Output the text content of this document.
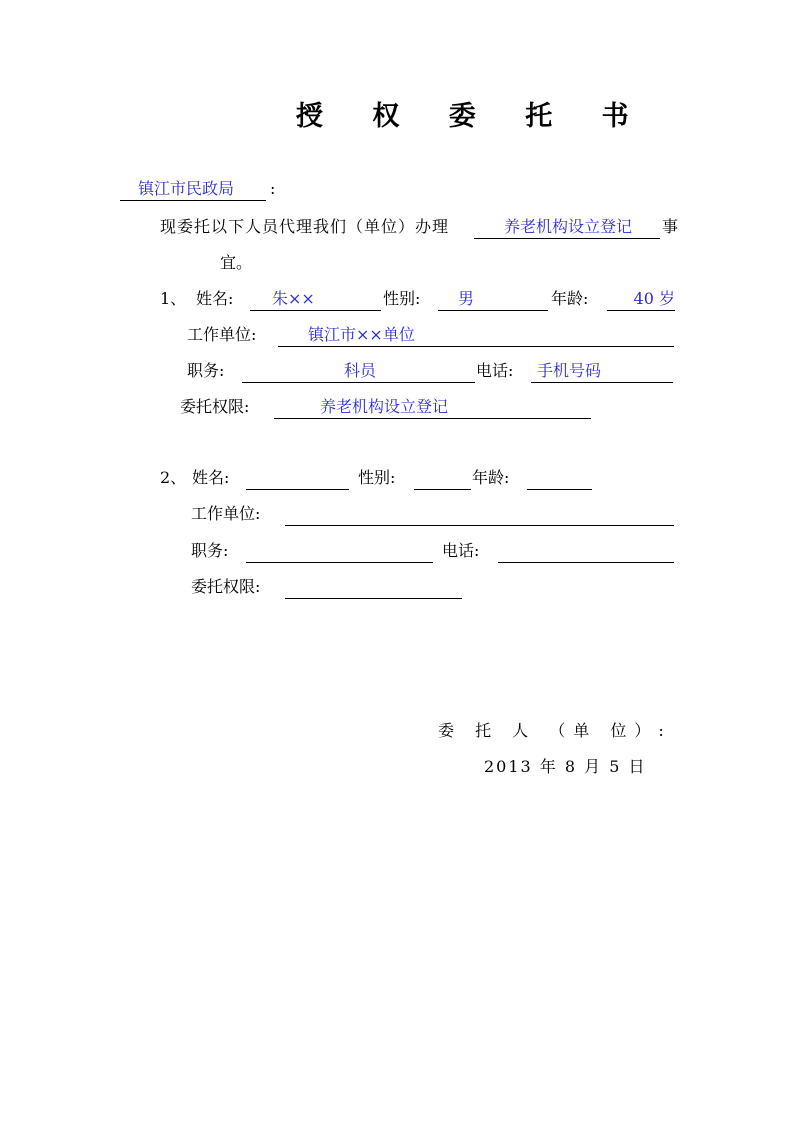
授 权 委 托 书
镇江市民政局 :
现委托以下人员代理我们（单位）办理	养老机构设立登记 事
宜。
1、 姓名: 朱××	性别: 男	年龄:	40 岁
工作单位:	镇江市××单位
职务:	科员	电话: 手机号码
委托权限:	养老机构设立登记
2、 姓名:	性别:	年龄:
工作单位:
职务:	电话:
委托权限:
委 托 人 （单 位）:
2013 年 8 月 5 日
